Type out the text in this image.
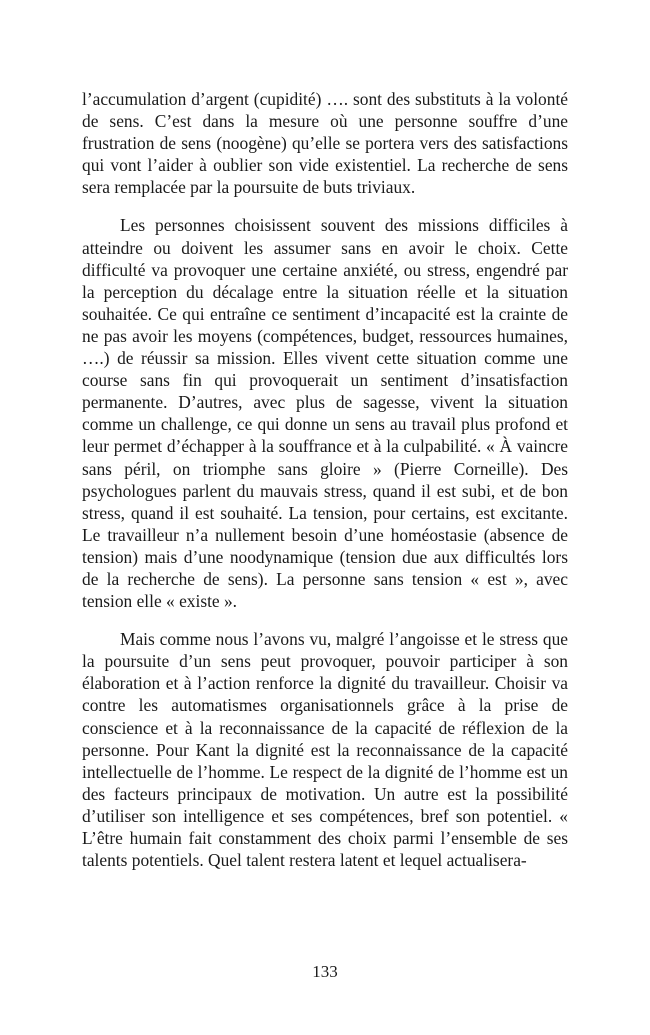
l’accumulation d’argent (cupidité) …. sont des substituts à la volonté de sens. C’est dans la mesure où une personne souffre d’une frustration de sens (noogène) qu’elle se portera vers des satisfactions qui vont l’aider à oublier son vide existentiel. La recherche de sens sera remplacée par la poursuite de buts triviaux.

Les personnes choisissent souvent des missions difficiles à atteindre ou doivent les assumer sans en avoir le choix. Cette difficulté va provoquer une certaine anxiété, ou stress, engendré par la perception du décalage entre la situation réelle et la situation souhaitée. Ce qui entraîne ce sentiment d’incapacité est la crainte de ne pas avoir les moyens (compétences, budget, ressources humaines, ….) de réussir sa mission. Elles vivent cette situation comme une course sans fin qui provoquerait un sentiment d’insatisfaction permanente. D’autres, avec plus de sagesse, vivent la situation comme un challenge, ce qui donne un sens au travail plus profond et leur permet d’échapper à la souffrance et à la culpabilité. « À vaincre sans péril, on triomphe sans gloire » (Pierre Corneille). Des psychologues parlent du mauvais stress, quand il est subi, et de bon stress, quand il est souhaité. La tension, pour certains, est excitante. Le travailleur n’a nullement besoin d’une homéostasie (absence de tension) mais d’une noodynamique (tension due aux difficultés lors de la recherche de sens). La personne sans tension « est », avec tension elle « existe ».

Mais comme nous l’avons vu, malgré l’angoisse et le stress que la poursuite d’un sens peut provoquer, pouvoir participer à son élaboration et à l’action renforce la dignité du travailleur. Choisir va contre les automatismes organisationnels grâce à la prise de conscience et à la reconnaissance de la capacité de réflexion de la personne. Pour Kant la dignité est la reconnaissance de la capacité intellectuelle de l’homme. Le respect de la dignité de l’homme est un des facteurs principaux de motivation. Un autre est la possibilité d’utiliser son intelligence et ses compétences, bref son potentiel. « L’être humain fait constamment des choix parmi l’ensemble de ses talents potentiels. Quel talent restera latent et lequel actualisera-

133
